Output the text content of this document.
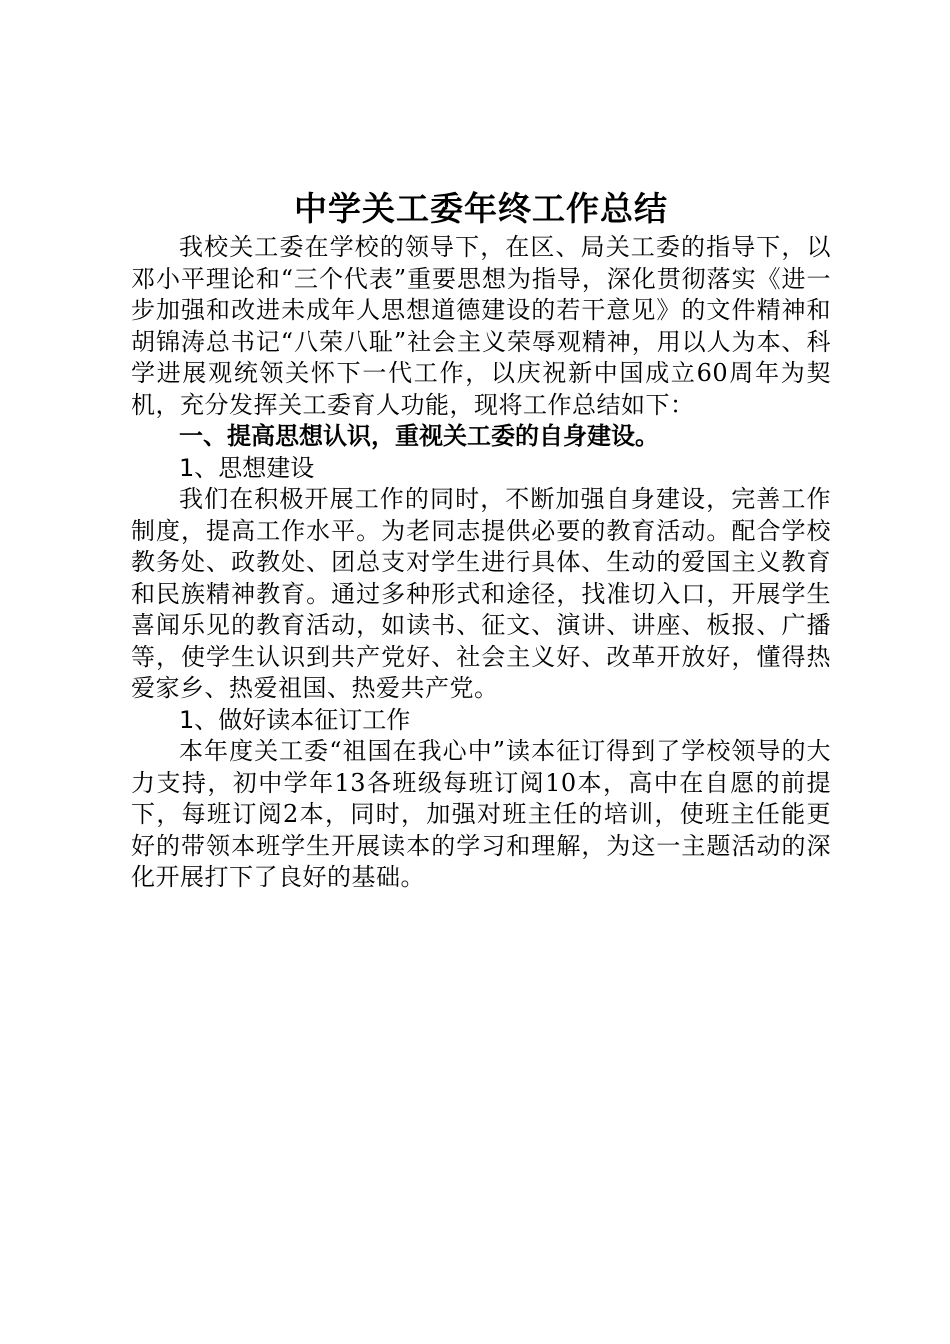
中学关工委年终工作总结

我校关工委在学校的领导下，在区、局关工委的指导下，以邓小平理论和“三个代表”重要思想为指导，深化贯彻落实《进一步加强和改进未成年人思想道德建设的若干意见》的文件精神和胡锦涛总书记“八荣八耻”社会主义荣辱观精神，用以人为本、科学进展观统领关怀下一代工作，以庆祝新中国成立60周年为契机，充分发挥关工委育人功能，现将工作总结如下：

一、提高思想认识，重视关工委的自身建设。

1、思想建设

我们在积极开展工作的同时，不断加强自身建设，完善工作制度，提高工作水平。为老同志提供必要的教育活动。配合学校教务处、政教处、团总支对学生进行具体、生动的爱国主义教育和民族精神教育。通过多种形式和途径，找准切入口，开展学生喜闻乐见的教育活动，如读书、征文、演讲、讲座、板报、广播等，使学生认识到共产党好、社会主义好、改革开放好，懂得热爱家乡、热爱祖国、热爱共产党。

1、做好读本征订工作

本年度关工委“祖国在我心中”读本征订得到了学校领导的大力支持，初中学年13各班级每班订阅10本，高中在自愿的前提下，每班订阅2本，同时，加强对班主任的培训，使班主任能更好的带领本班学生开展读本的学习和理解，为这一主题活动的深化开展打下了良好的基础。
